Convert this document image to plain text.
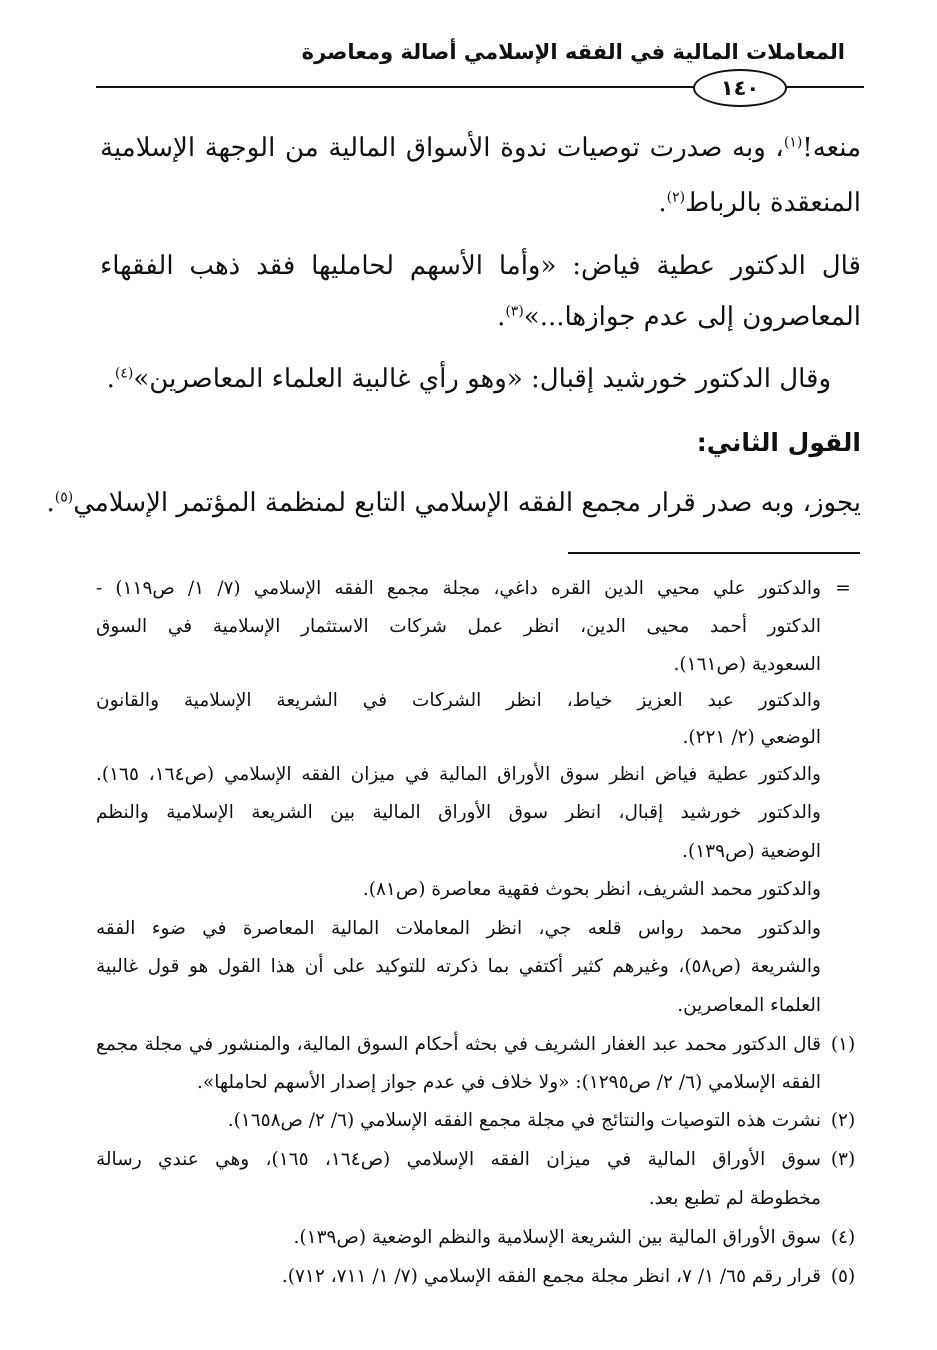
المعاملات المالية في الفقه الإسلامي أصالة ومعاصرة
١٤٠
منعه!$^{(١)}$، وبه صدرت توصيات ندوة الأسواق المالية من الوجهة الإسلامية
المنعقدة بالرباط$^{(٢)}$.
قال الدكتور عطية فياض: «وأما الأسهم لحامليها فقد ذهب الفقهاء
المعاصرون إلى عدم جوازها...»$^{(٣)}$.
وقال الدكتور خورشيد إقبال: «وهو رأي غالبية العلماء المعاصرين»$^{(٤)}$.
القول الثاني:
يجوز، وبه صدر قرار مجمع الفقه الإسلامي التابع لمنظمة المؤتمر الإسلامي$^{(٥)}$.
=
والدكتور علي محيي الدين القره داغي، مجلة مجمع الفقه الإسلامي (٧/ ١/ ص١١٩) -
الدكتور أحمد محيى الدين، انظر عمل شركات الاستثمار الإسلامية في السوق
السعودية (ص١٦١).
والدكتور عبد العزيز خياط، انظر الشركات في الشريعة الإسلامية والقانون
الوضعي (٢/ ٢٢١).
والدكتور عطية فياض انظر سوق الأوراق المالية في ميزان الفقه الإسلامي (ص١٦٤، ١٦٥).
والدكتور خورشيد إقبال، انظر سوق الأوراق المالية بين الشريعة الإسلامية والنظم
الوضعية (ص١٣٩).
والدكتور محمد الشريف، انظر بحوث فقهية معاصرة (ص٨١).
والدكتور محمد رواس قلعه جي، انظر المعاملات المالية المعاصرة في ضوء الفقه
والشريعة (ص٥٨)، وغيرهم كثير أكتفي بما ذكرته للتوكيد على أن هذا القول هو قول غالبية
العلماء المعاصرين.
(١)
قال الدكتور محمد عبد الغفار الشريف في بحثه أحكام السوق المالية، والمنشور في مجلة مجمع
الفقه الإسلامي (٦/ ٢/ ص١٢٩٥): «ولا خلاف في عدم جواز إصدار الأسهم لحاملها».
(٢)
نشرت هذه التوصيات والنتائج في مجلة مجمع الفقه الإسلامي (٦/ ٢/ ص١٦٥٨).
(٣)
سوق الأوراق المالية في ميزان الفقه الإسلامي (ص١٦٤، ١٦٥)، وهي عندي رسالة
مخطوطة لم تطبع بعد.
(٤)
سوق الأوراق المالية بين الشريعة الإسلامية والنظم الوضعية (ص١٣٩).
(٥)
قرار رقم ٦٥/ ١/ ٧، انظر مجلة مجمع الفقه الإسلامي (٧/ ١/ ٧١١، ٧١٢).
